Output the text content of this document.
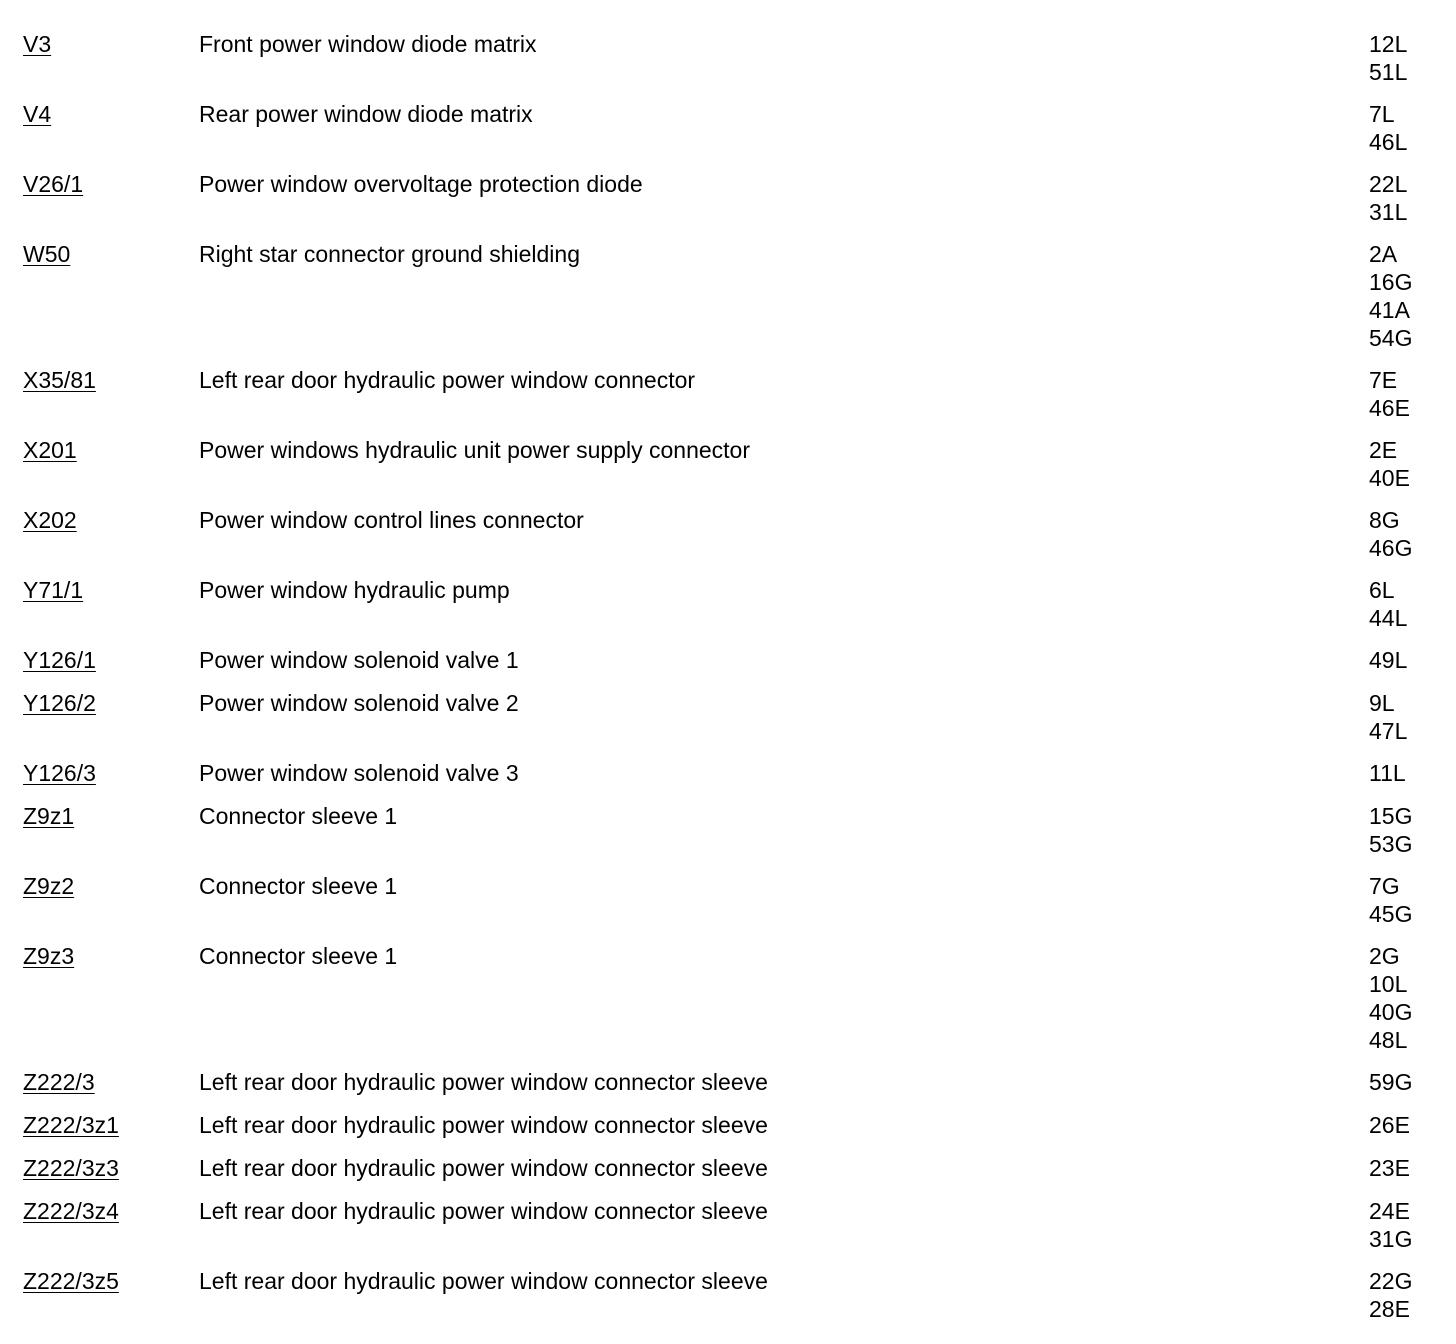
V3	Front power window diode matrix	12L
51L
V4	Rear power window diode matrix	7L
46L
V26/1	Power window overvoltage protection diode	22L
31L
W50	Right star connector ground shielding	2A
16G
41A
54G
X35/81	Left rear door hydraulic power window connector	7E
46E
X201	Power windows hydraulic unit power supply connector	2E
40E
X202	Power window control lines connector	8G
46G
Y71/1	Power window hydraulic pump	6L
44L
Y126/1	Power window solenoid valve 1	49L
Y126/2	Power window solenoid valve 2	9L
47L
Y126/3	Power window solenoid valve 3	11L
Z9z1	Connector sleeve 1	15G
53G
Z9z2	Connector sleeve 1	7G
45G
Z9z3	Connector sleeve 1	2G
10L
40G
48L
Z222/3	Left rear door hydraulic power window connector sleeve	59G
Z222/3z1	Left rear door hydraulic power window connector sleeve	26E
Z222/3z3	Left rear door hydraulic power window connector sleeve	23E
Z222/3z4	Left rear door hydraulic power window connector sleeve	24E
31G
Z222/3z5	Left rear door hydraulic power window connector sleeve	22G
28E
